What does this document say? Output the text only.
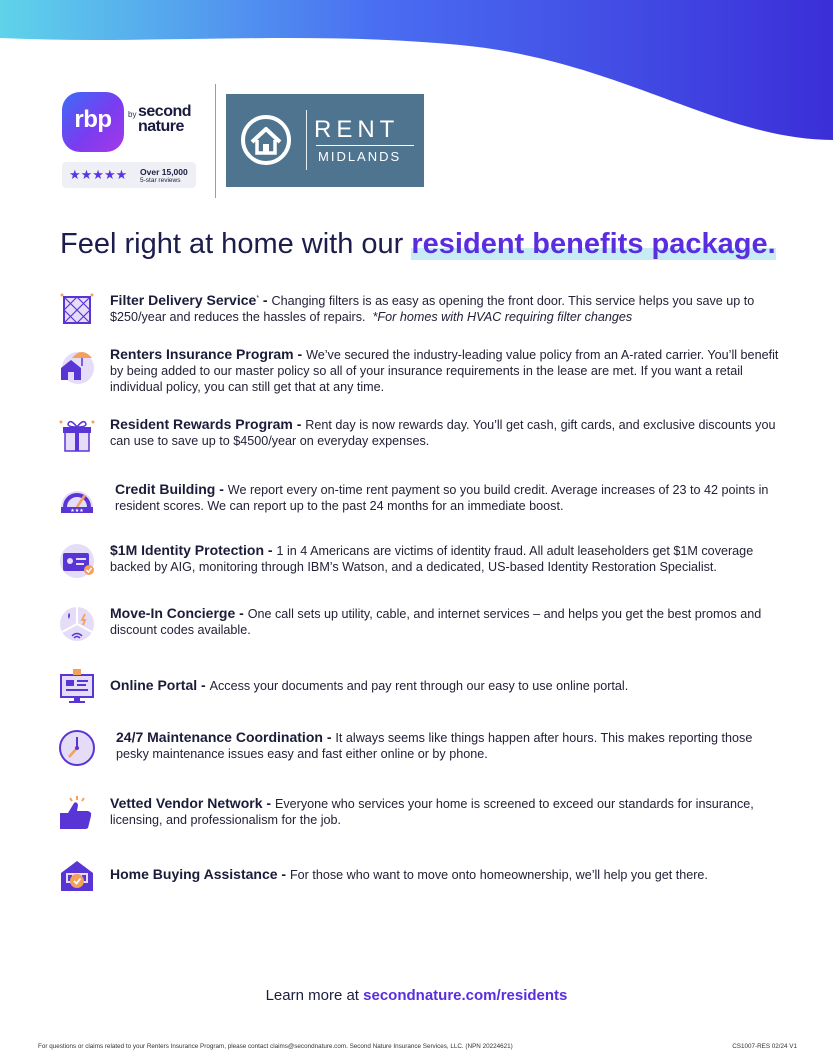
rbp	by second
nature
★★★★★ Over 15,000
5-star reviews
RENT
MIDLANDS
Feel right at home with our resident benefits package.
Filter Delivery Service* - Changing filters is as easy as opening the front door. This service helps you save up to $250/year and reduces the hassles of repairs. *For homes with HVAC requiring filter changes
Renters Insurance Program - We’ve secured the industry-leading value policy from an A-rated carrier. You’ll benefit by being added to our master policy so all of your insurance requirements in the lease are met. If you want a retail individual policy, you can still get that at any time.
Resident Rewards Program - Rent day is now rewards day. You’ll get cash, gift cards, and exclusive discounts you can use to save up to $4500/year on everyday expenses.
★★★
Credit Building - We report every on-time rent payment so you build credit. Average increases of 23 to 42 points in resident scores. We can report up to the past 24 months for an immediate boost.
$1M Identity Protection - 1 in 4 Americans are victims of identity fraud. All adult leaseholders get $1M coverage backed by AIG, monitoring through IBM’s Watson, and a dedicated, US-based Identity Restoration Specialist.
Move-In Concierge - One call sets up utility, cable, and internet services – and helps you get the best promos and discount codes available.
Online Portal - Access your documents and pay rent through our easy to use online portal.
24/7 Maintenance Coordination - It always seems like things happen after hours. This makes reporting those pesky maintenance issues easy and fast either online or by phone.
Vetted Vendor Network - Everyone who services your home is screened to exceed our standards for insurance, licensing, and professionalism for the job.
Home Buying Assistance - For those who want to move onto homeownership, we’ll help you get there.
Learn more at secondnature.com/residents
For questions or claims related to your Renters Insurance Program, please contact claims@secondnature.com. Second Nature Insurance Services, LLC. (NPN 20224621)	CS1007-RES 02/24 V1
